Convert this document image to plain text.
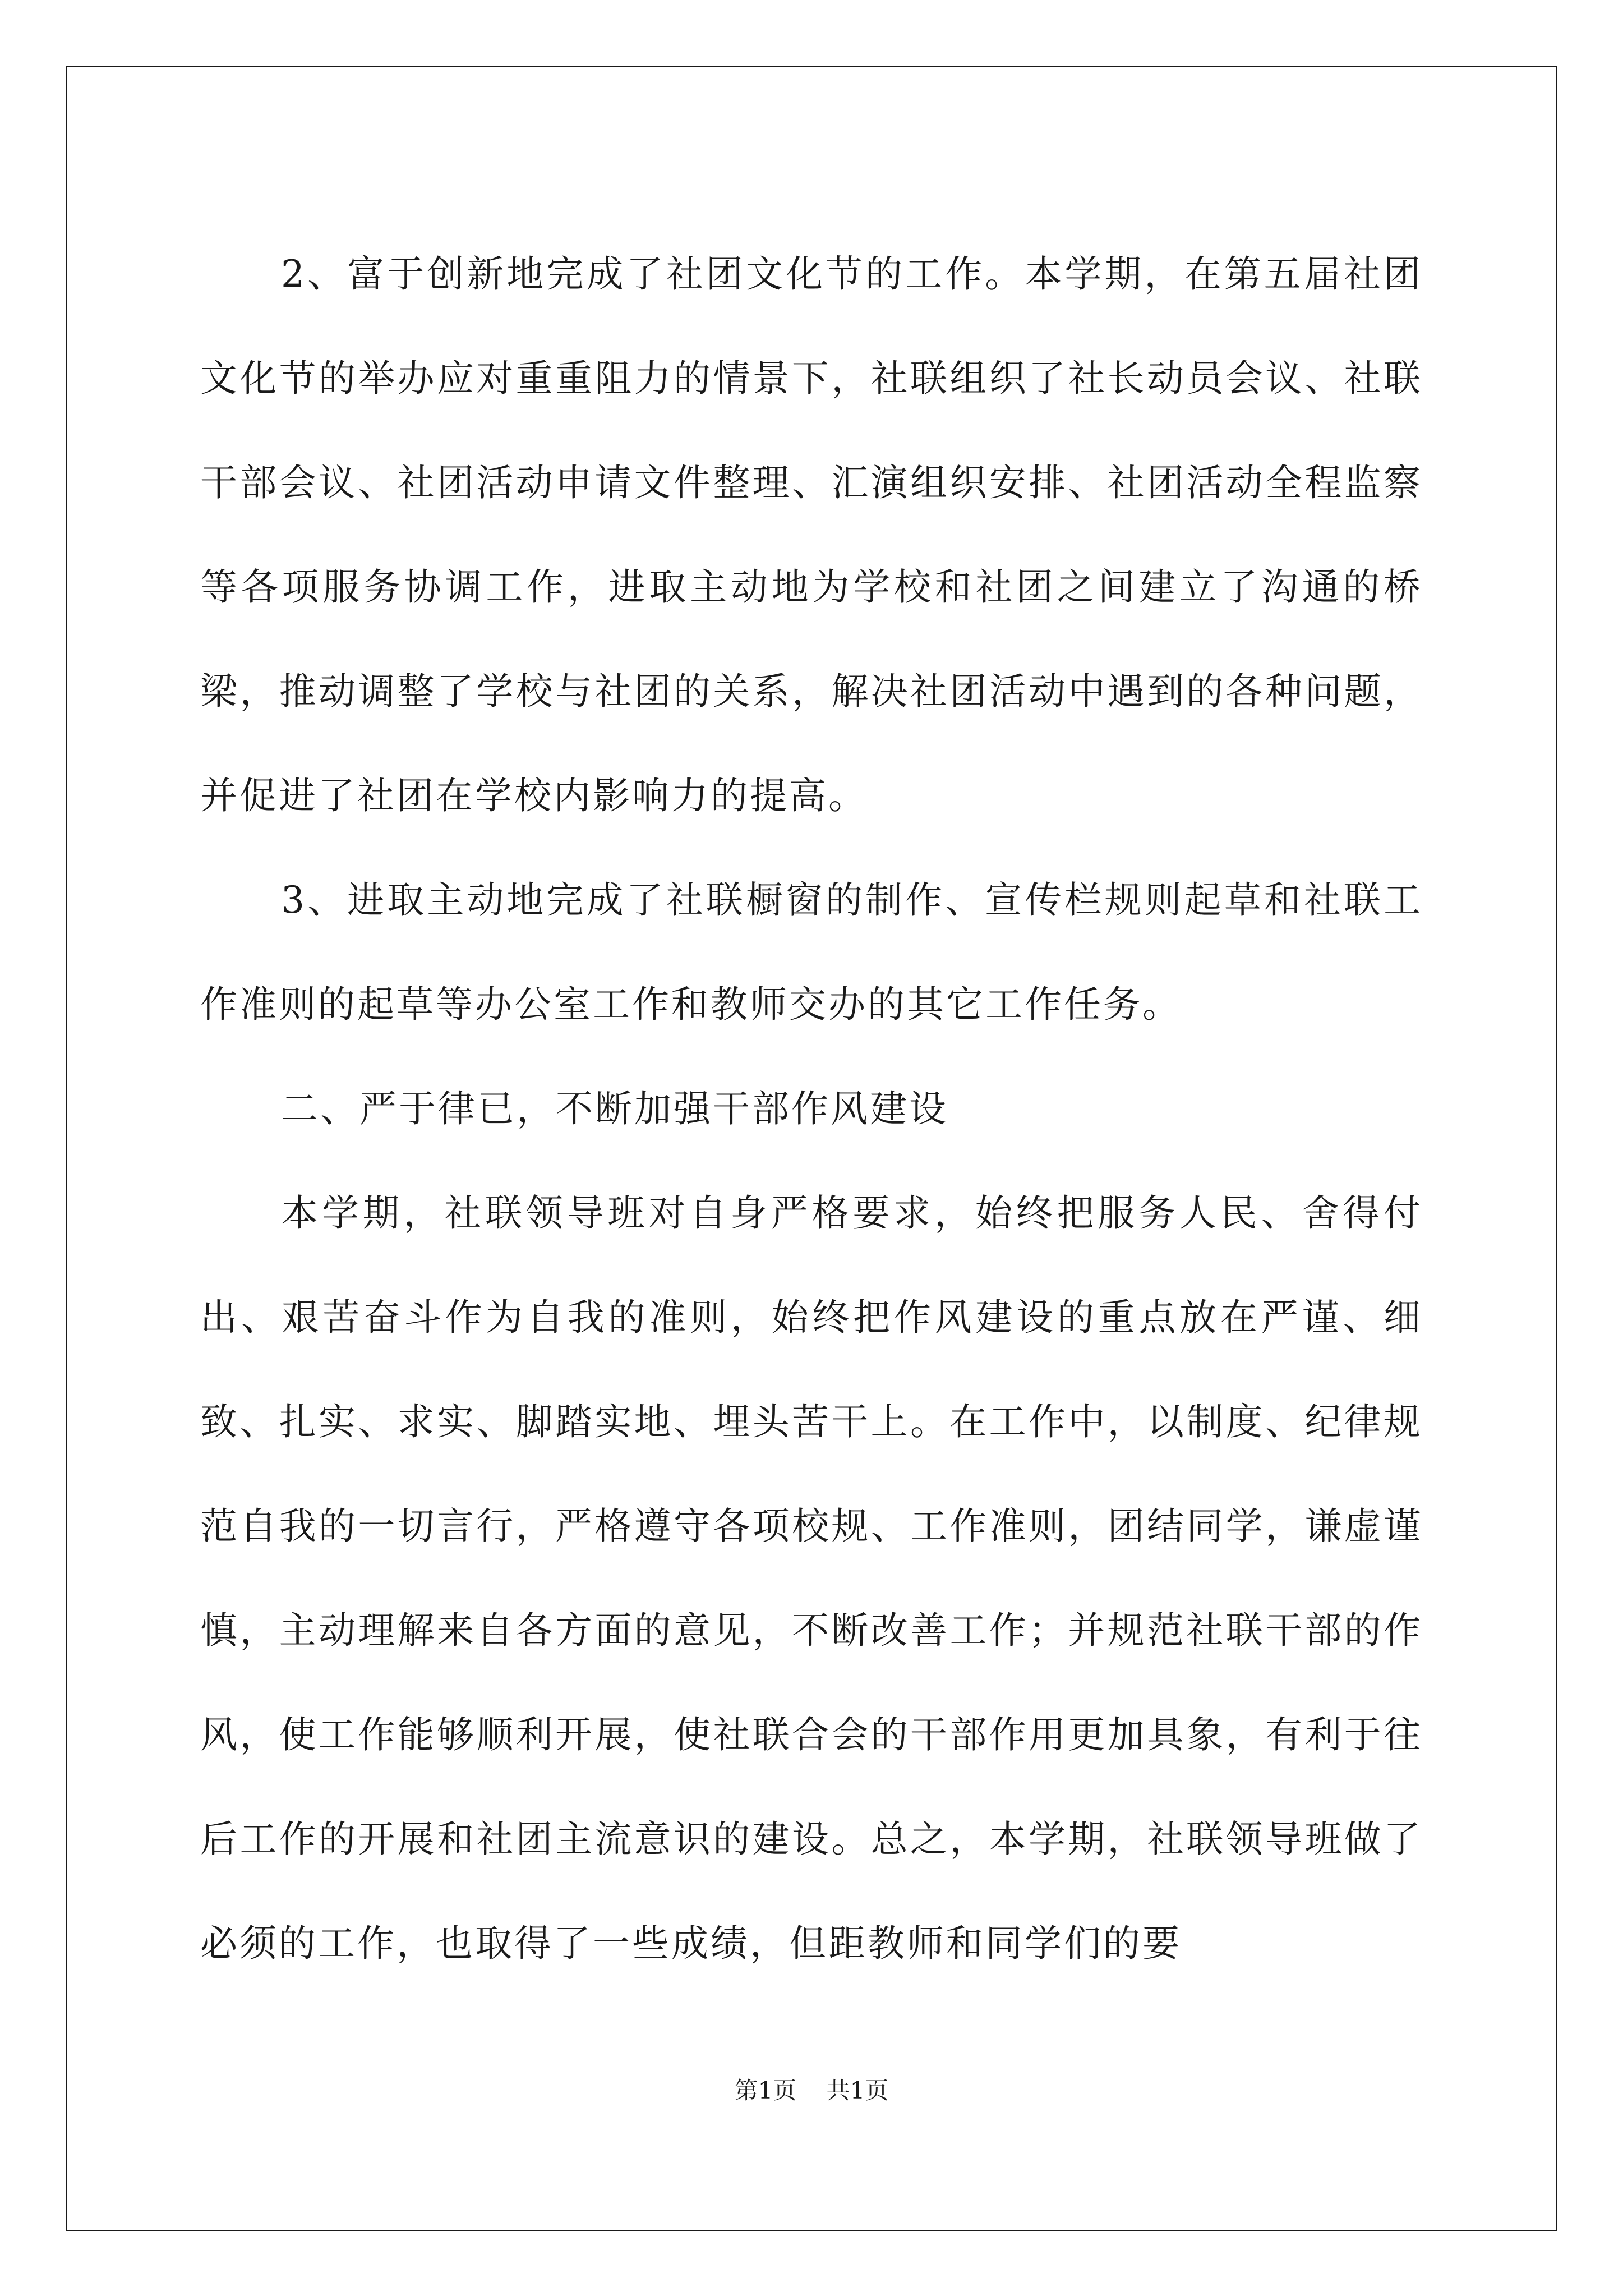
2、富于创新地完成了社团文化节的工作。本学期，在第五届社团文化节的举办应对重重阻力的情景下，社联组织了社长动员会议、社联干部会议、社团活动申请文件整理、汇演组织安排、社团活动全程监察等各项服务协调工作，进取主动地为学校和社团之间建立了沟通的桥梁，推动调整了学校与社团的关系，解决社团活动中遇到的各种问题，并促进了社团在学校内影响力的提高。

3、进取主动地完成了社联橱窗的制作、宣传栏规则起草和社联工作准则的起草等办公室工作和教师交办的其它工作任务。

二、严于律已，不断加强干部作风建设

本学期，社联领导班对自身严格要求，始终把服务人民、舍得付出、艰苦奋斗作为自我的准则，始终把作风建设的重点放在严谨、细致、扎实、求实、脚踏实地、埋头苦干上。在工作中，以制度、纪律规范自我的一切言行，严格遵守各项校规、工作准则，团结同学，谦虚谨慎，主动理解来自各方面的意见，不断改善工作；并规范社联干部的作风，使工作能够顺利开展，使社联合会的干部作用更加具象，有利于往后工作的开展和社团主流意识的建设。总之，本学期，社联领导班做了必须的工作，也取得了一些成绩，但距教师和同学们的要

第1页 共1页
